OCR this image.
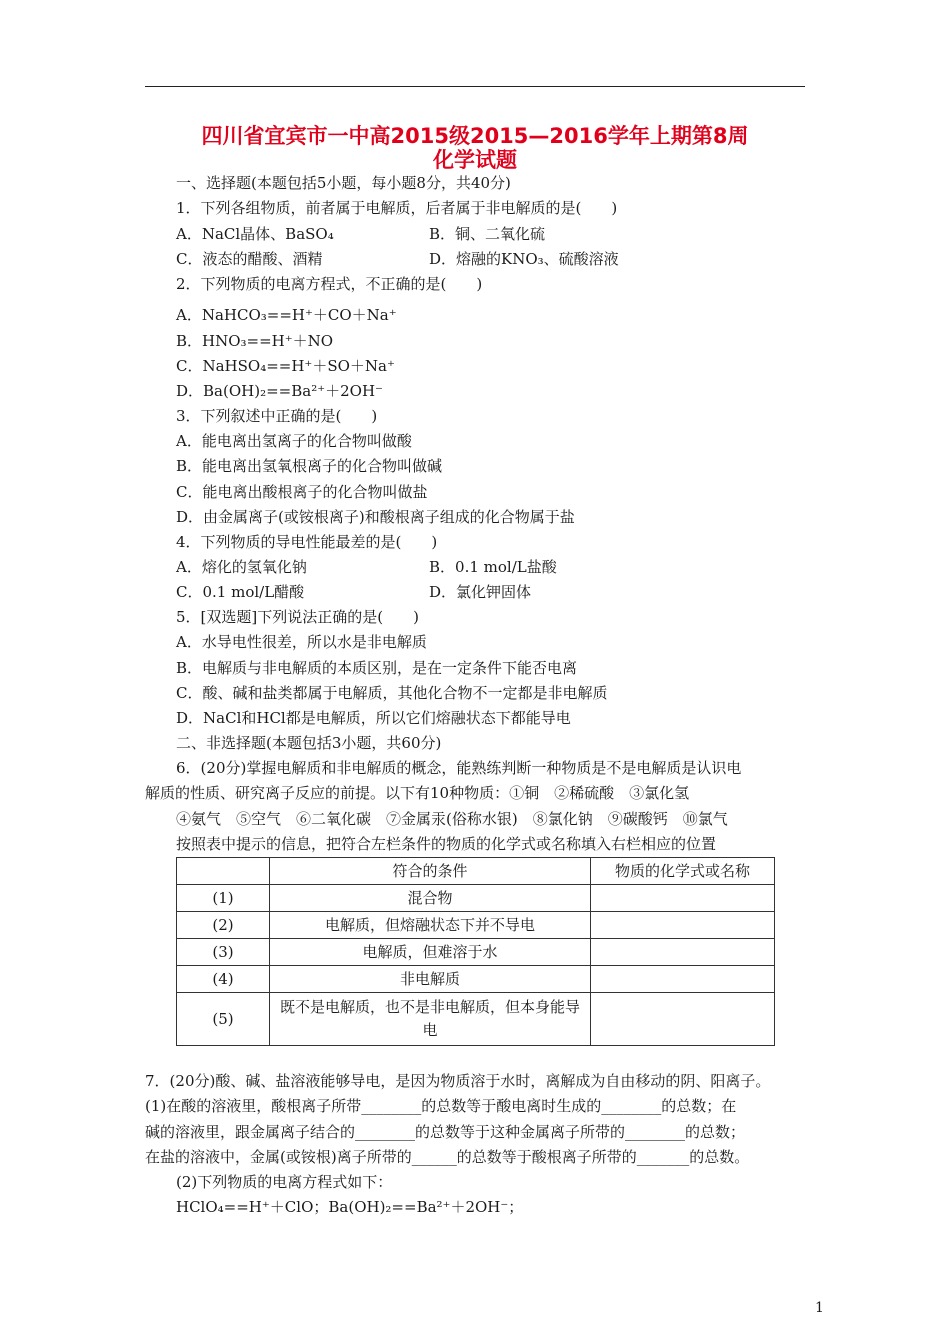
四川省宜宾市一中高2015级2015—2016学年上期第8周
化学试题
一、选择题(本题包括5小题，每小题8分，共40分)
1．下列各组物质，前者属于电解质，后者属于非电解质的是(　　)
A．NaCl晶体、BaSO₄	B．铜、二氧化硫
C．液态的醋酸、酒精	D．熔融的KNO₃、硫酸溶液
2．下列物质的电离方程式，不正确的是(　　)
A．NaHCO₃==H⁺＋CO＋Na⁺
B．HNO₃==H⁺＋NO
C．NaHSO₄==H⁺＋SO＋Na⁺
D．Ba(OH)₂==Ba²⁺＋2OH⁻
3．下列叙述中正确的是(　　)
A．能电离出氢离子的化合物叫做酸
B．能电离出氢氧根离子的化合物叫做碱
C．能电离出酸根离子的化合物叫做盐
D．由金属离子(或铵根离子)和酸根离子组成的化合物属于盐
4．下列物质的导电性能最差的是(　　)
A．熔化的氢氧化钠	B．0.1 mol/L盐酸
C．0.1 mol/L醋酸	D．氯化钾固体
5．[双选题]下列说法正确的是(　　)
A．水导电性很差，所以水是非电解质
B．电解质与非电解质的本质区别，是在一定条件下能否电离
C．酸、碱和盐类都属于电解质，其他化合物不一定都是非电解质
D．NaCl和HCl都是电解质，所以它们熔融状态下都能导电
二、非选择题(本题包括3小题，共60分)
6．(20分)掌握电解质和非电解质的概念，能熟练判断一种物质是不是电解质是认识电
解质的性质、研究离子反应的前提。以下有10种物质：①铜　②稀硫酸　③氯化氢
④氨气　⑤空气　⑥二氧化碳　⑦金属汞(俗称水银)　⑧氯化钠　⑨碳酸钙　⑩氯气
按照表中提示的信息，把符合左栏条件的物质的化学式或名称填入右栏相应的位置
	符合的条件	物质的化学式或名称
(1)	混合物	
(2)	电解质，但熔融状态下并不导电	
(3)	电解质，但难溶于水	
(4)	非电解质	
(5)	既不是电解质，也不是非电解质，但本身能导电	
7．(20分)酸、碱、盐溶液能够导电，是因为物质溶于水时，离解成为自由移动的阴、阳离子。
(1)在酸的溶液里，酸根离子所带________的总数等于酸电离时生成的________的总数；在
碱的溶液里，跟金属离子结合的________的总数等于这种金属离子所带的________的总数；
在盐的溶液中，金属(或铵根)离子所带的______的总数等于酸根离子所带的_______的总数。
(2)下列物质的电离方程式如下：
HClO₄==H⁺＋ClO；Ba(OH)₂==Ba²⁺＋2OH⁻；
1
